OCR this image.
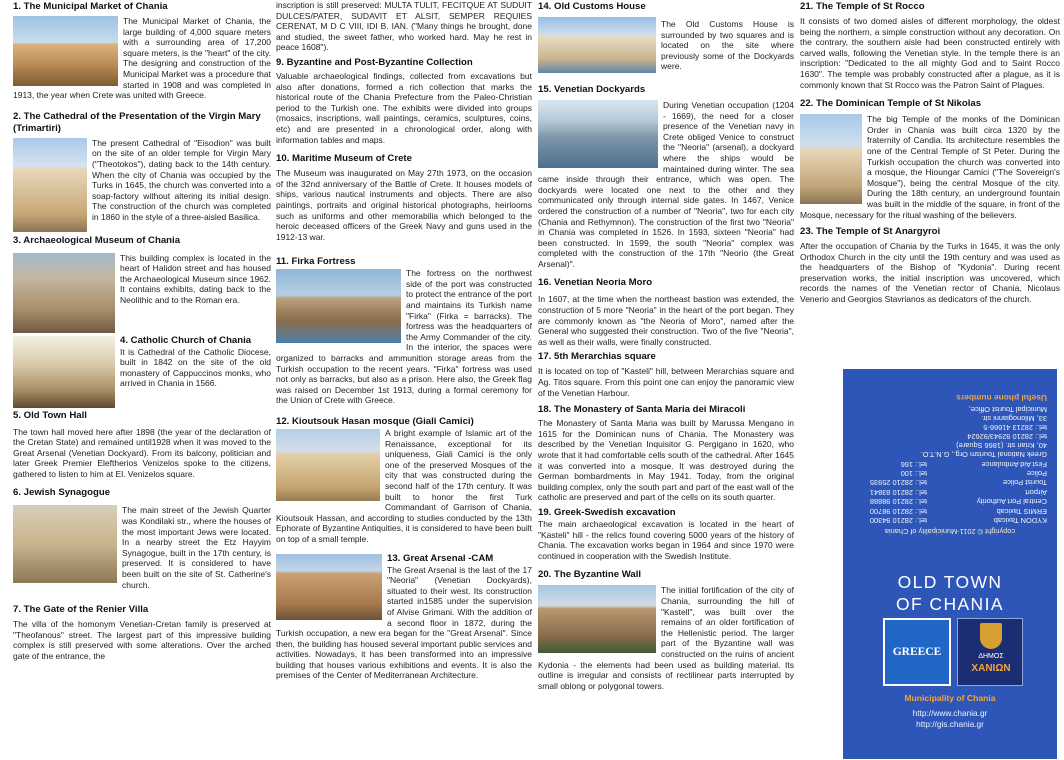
1. The Municipal Market of Chania
The Municipal Market of Chania, the large building of 4,000 square meters with a surrounding area of 17,200 square meters, is the "heart" of the city. The designing and construction of the Municipal Market was a procedure that started in 1908 and was completed in 1913, the year when Crete was united with Greece.
2. The Cathedral of the Presentation of the Virgin Mary (Trimartiri)
The present Cathedral of "Eisodion" was built on the site of an older temple for Virgin Mary ("Theotokos"), dating back to the 14th century. When the city of Chania was occupied by the Turks in 1645, the church was converted into a soap-factory without altering its initial design. The construction of the church was completed in 1860 in the style of a three-aisled Basilica.
3. Archaeological Museum of Chania
This building complex is located in the heart of Halidon street and has housed the Archaeological Museum since 1962. It contains exhibits, dating back to the Neolithic and to the Roman era.
4. Catholic Church of Chania
It is Cathedral of the Catholic Diocese, built in 1842 on the site of the old monastery of Cappuccinos monks, who arrived in Chania in 1566.
5. Old Town Hall
The town hall moved here after 1898 (the year of the declaration of the Cretan State) and remained until1928 when it was moved to the Great Arsenal (Venetian Dockyard). From its balcony, politician and later Greek Premier Eleftherios Venizelos spoke to the citizens, gathered to listen to him at El. Venizelos square.
6. Jewish Synagogue
The main street of the Jewish Quarter was Kondilaki str., where the houses of the most important Jews were located. In a nearby street the Etz Hayyim Synagogue, built in the 17th century, is preserved. It is considered to have been built on the site of St. Catherine's church.
7. The Gate of the Renier Villa
The villa of the homonym Venetian-Cretan family is preserved at "Theofanous" street. The largest part of this impressive building complex is still preserved with some alterations. Over the arched gate of the entrance, the
inscription is still preserved: MULTA TULIT, FECITQUE AT SUDUIT DULCES/PATER, SUDAVIT ET ALSIT, SEMPER REQUIES CERENAT, M D C VIII, IDI B. IAN. ("Many things he brought, done and studied, the sweet father, who worked hard. May he rest in peace 1608").
9. Byzantine and Post-Byzantine Collection
Valuable archaeological findings, collected from excavations but also after donations, formed a rich collection that marks the historical route of the Chania Prefecture from the Paleo-Christian period to the Turkish one. The exhibits were divided into groups (mosaics, inscriptions, wall paintings, ceramics, sculptures, coins, etc) and are presented in a chronological order, along with information tables and maps.
10. Maritime Museum of Crete
The Museum was inaugurated on May 27th 1973, on the occasion of the 32nd anniversary of the Battle of Crete. It houses models of ships, various nautical instruments and objects. There are also paintings, portraits and original historical photographs, heirlooms such as uniforms and other memorabilia which belonged to the heroic deceased officers of the Greek Navy and guns used in the 1912-13 war.
11. Firka Fortress
The fortress on the northwest side of the port was constructed to protect the entrance of the port and maintains its Turkish name "Firka" (Firka = barracks). The fortress was the headquarters of the Army Commander of the city. In the interior, the spaces were organized to barracks and ammunition storage areas from the Turkish occupation to the recent years. "Firka" fortress was used not only as barracks, but also as a prison. Here also, the Greek flag was raised on December 1st 1913, during a formal ceremony for the Union of Crete with Greece.
12. Kioutsouk Hasan mosque (Giali Camici)
A bright example of Islamic art of the Renaissance, exceptional for its uniqueness, Giali Camici is the only one of the preserved Mosques of the city that was constructed during the second half of the 17th century. It was built to honor the first Turk Commandant of Garrison of Chania, Kioutsouk Hassan, and according to studies conducted by the 13th Ephorate of Byzantine Antiquities, it is considered to have been built on top of a small temple.
13. Great Arsenal -CAM
The Great Arsenal is the last of the 17 "Neoria" (Venetian Dockyards), situated to their west. Its construction started in1585 under the supervision of Alvise Grimani. With the addition of a second floor in 1872, during the Turkish occupation, a new era began for the "Great Arsenal". Since then, the building has housed several important public services and activities. Nowadays, it has been transformed into an impressive building that houses various exhibitions and events. It is also the premises of the Center of Mediterranean Architecture.
14. Old Customs House
The Old Customs House is surrounded by two squares and is located on the site where previously some of the Dockyards were.
15. Venetian Dockyards
During Venetian occupation (1204 - 1669), the need for a closer presence of the Venetian navy in Crete obliged Venice to construct the "Neoria" (arsenal), a dockyard where the ships would be maintained during winter. The sea came inside through their entrance, which was open. The dockyards were located one next to the other and they communicated only through internal side gates. In 1467, Venice ordered the construction of a number of "Neoria", two for each city (Chania and Rethymnon). The construction of the first two "Neoria" in Chania was completed in 1526. In 1593, sixteen "Neoria" had been constructed. In 1599, the south "Neoria" complex was completed with the construction of the 17th "Neorio (the Great Arsenal)".
16. Venetian Neoria Moro
In 1607, at the time when the northeast bastion was extended, the construction of 5 more "Neoria" in the heart of the port began. They are commonly known as "the Neoria of Moro", named after the General who suggested their construction. Two of the five "Neoria", as well as their walls, were finally constructed.
17. 5th Merarchias square
It is located on top of "Kasteli" hill, between Merarchias square and Ag. Titos square. From this point one can enjoy the panoramic view of the Venetian Harbour.
18. The Monastery of Santa Maria dei Miracoli
The Monastery of Santa Maria was built by Marussa Mengano in 1615 for the Dominican nuns of Chania. The Monastery was described by the Venetian Inquisitor G. Pergigano in 1620, who wrote that it had comfortable cells south of the cathedral. After 1645 it was converted into a mosque. It was destroyed during the German bombardments in May 1941. Today, from the original building complex, only the south part and part of the east wall of the catholic are preserved and part of the cells on its south quarter.
19. Greek-Swedish excavation
The main archaeological excavation is located in the heart of "Kasteli" hill - the relics found covering 5000 years of the history of Chania. The excavation works began in 1964 and since 1970 were continued in cooperation with the Swedish Institute.
20. The Byzantine Wall
The initial fortification of the city of Chania, surrounding the hill of "Kastell", was built over the remains of an older fortification of the Hellenistic period. The larger part of the Byzantine wall was constructed on the ruins of ancient Kydonia - the elements had been used as building material. Its outline is irregular and consists of rectilinear parts interrupted by small oblong or polygonal towers.
21. The Temple of St Rocco
It consists of two domed aisles of different morphology, the oldest being the northern, a simple construction without any decoration. On the contrary, the southern aisle had been constructed entirely with carved walls, following the Venetian style. In the temple there is an inscription: "Dedicated to the all mighty God and to Saint Rocco 1630". The temple was probably constructed after a plague, as it is commonly known that St Rocco was the Patron Saint of Plagues.
22. The Dominican Temple of St Nikolas
The big Temple of the monks of the Dominican Order in Chania was built circa 1320 by the fraternity of Candia. Its architecture resembles the one of the Central Temple of St Peter. During the Turkish occupation the church was converted into a mosque, the Hioungar Camici ("The Sovereign's Mosque"), being the central Mosque of the city. During the 18th century, an underground fountain was built in the middle of the square, in front of the Mosque, necessary for the ritual washing of the believers.
23. The Temple of St Anargyroi
After the occupation of Chania by the Turks in 1645, it was the only Orthodox Church in the city until the 19th century and was used as the headquarters of the Bishop of "Kydonia". During recent preservation works, the initial inscription was uncovered, which records the names of the Venetian rector of Chania, Nicolaus Venerio and Georgios Stavrianos as dedicators of the church.
copyright © 2011-Municipality of Chania
KYDON Taxicab
tel.: 28210 94300
ERMIS Taxicab
tel.: 28210 98700
Central Port Authority
tel.: 28210 98888
Airport
tel.: 28210 83841
Tourist Police
tel.: 28210 25935
Police
tel.: 100
First Aid Ambulance
tel.: 166
Greek National Tourism Org., G.N.T.O.
40, Kriari str. (1866 Square)
tel.: 28210 92943/92624
tel.: 28213 41666-5
33, Milonogianni str.
Municipal Tourist Office,
Useful phone numbers
OLD TOWN
OF CHANIA
GREECE	ΔΗΜΟΣ
ΧΑΝΙΩΝ
Municipality of Chania
http://www.chania.gr
http://gis.chania.gr
